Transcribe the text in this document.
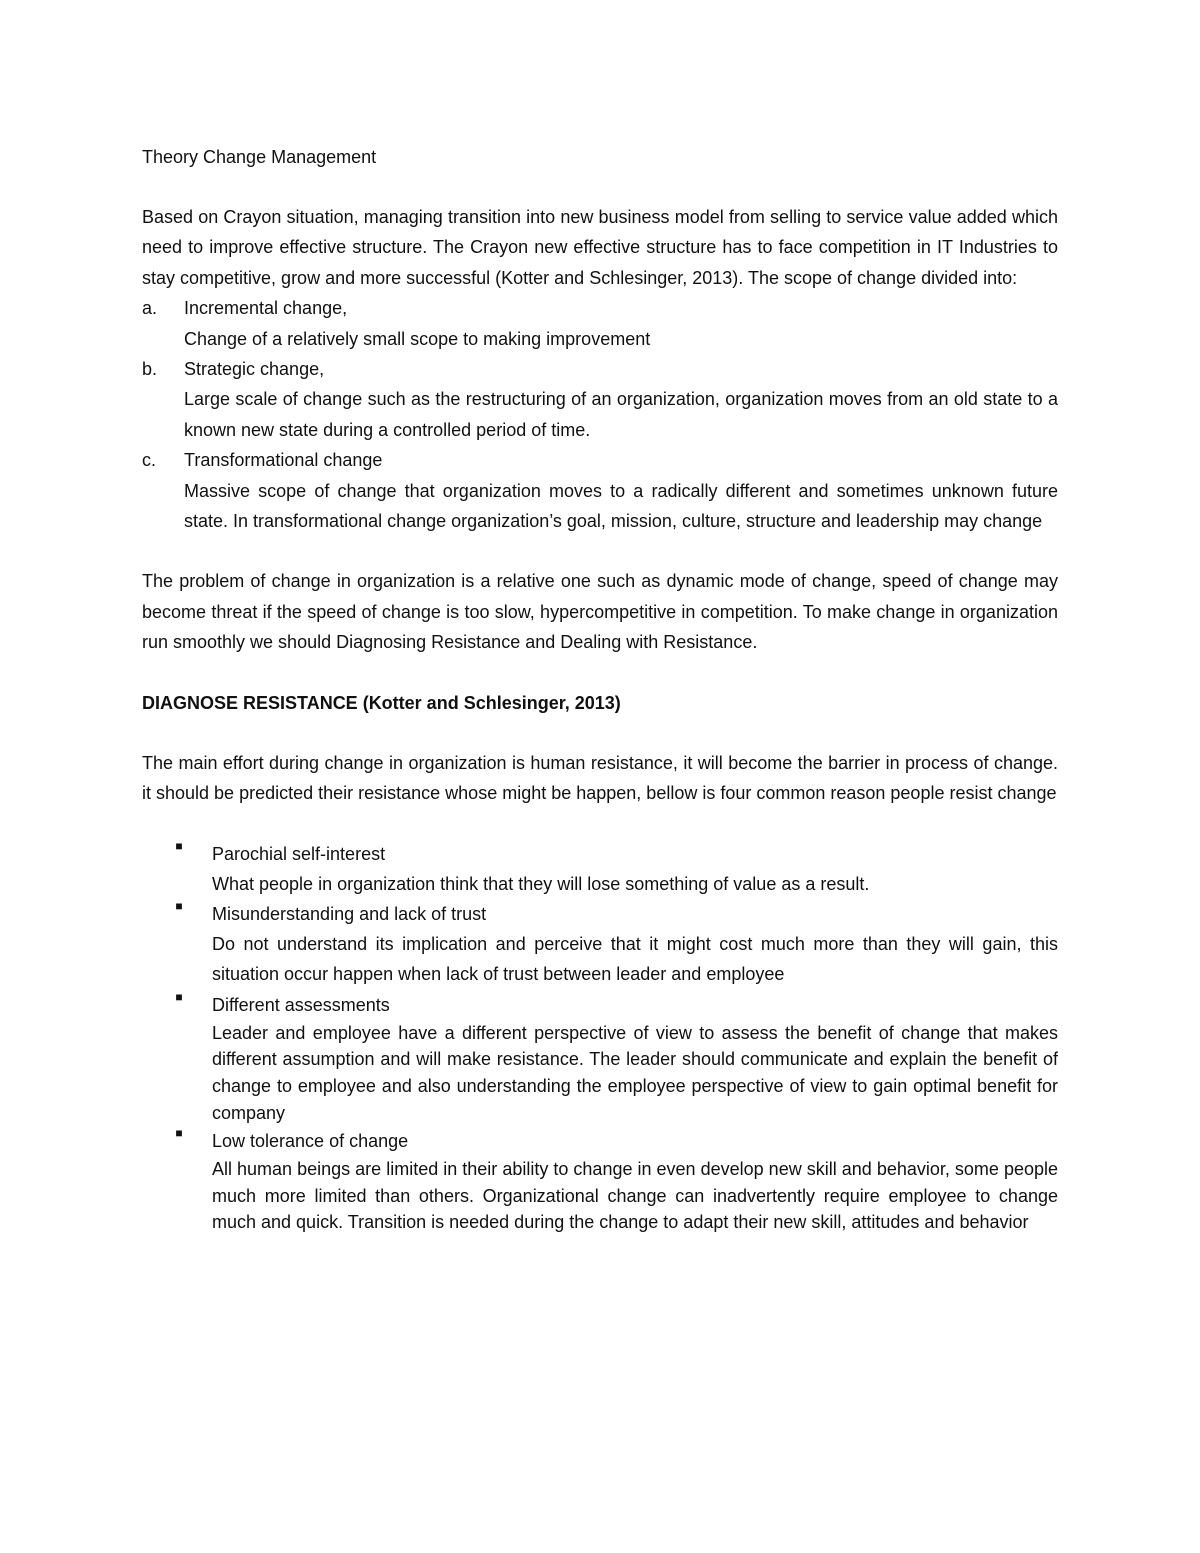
Theory Change Management

Based on Crayon situation, managing transition into new business model from selling to service value added which need to improve effective structure. The Crayon new effective structure has to face competition in IT Industries to stay competitive, grow and more successful (Kotter and Schlesinger, 2013). The scope of change divided into:

a. Incremental change,
Change of a relatively small scope to making improvement
b. Strategic change,
Large scale of change such as the restructuring of an organization, organization moves from an old state to a known new state during a controlled period of time.
c. Transformational change
Massive scope of change that organization moves to a radically different and sometimes unknown future state. In transformational change organization’s goal, mission, culture, structure and leadership may change

The problem of change in organization is a relative one such as dynamic mode of change, speed of change may become threat if the speed of change is too slow, hypercompetitive in competition. To make change in organization run smoothly we should Diagnosing Resistance and Dealing with Resistance.

DIAGNOSE RESISTANCE (Kotter and Schlesinger, 2013)

The main effort during change in organization is human resistance, it will become the barrier in process of change. it should be predicted their resistance whose might be happen, bellow is four common reason people resist change

■ Parochial self-interest
What people in organization think that they will lose something of value as a result.
■ Misunderstanding and lack of trust
Do not understand its implication and perceive that it might cost much more than they will gain, this situation occur happen when lack of trust between leader and employee
■ Different assessments
Leader and employee have a different perspective of view to assess the benefit of change that makes different assumption and will make resistance. The leader should communicate and explain the benefit of change to employee and also understanding the employee perspective of view to gain optimal benefit for company
■ Low tolerance of change
All human beings are limited in their ability to change in even develop new skill and behavior, some people much more limited than others. Organizational change can inadvertently require employee to change much and quick. Transition is needed during the change to adapt their new skill, attitudes and behavior
